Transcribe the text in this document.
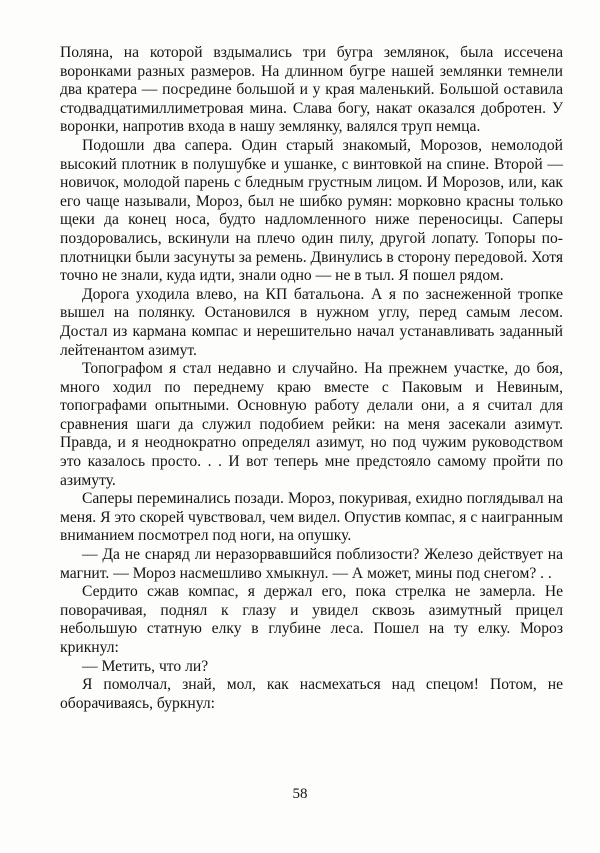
Поляна, на которой вздымались три бугра землянок, была иссечена воронками разных размеров. На длинном бугре нашей землянки темнели два кратера — посредине большой и у края маленький. Большой оставила стодвадцатимиллиметровая мина. Слава богу, накат оказался добротен. У воронки, напротив входа в нашу землянку, валялся труп немца.

Подошли два сапера. Один старый знакомый, Морозов, немолодой высокий плотник в полушубке и ушанке, с винтовкой на спине. Второй — новичок, молодой парень с бледным грустным лицом. И Морозов, или, как его чаще называли, Мороз, был не шибко румян: морковно красны только щеки да конец носа, будто надломленного ниже переносицы. Саперы поздоровались, вскинули на плечо один пилу, другой лопату. Топоры по-плотницки были засунуты за ремень. Двинулись в сторону передовой. Хотя точно не знали, куда идти, знали одно — не в тыл. Я пошел рядом.

Дорога уходила влево, на КП батальона. А я по заснеженной тропке вышел на полянку. Остановился в нужном углу, перед самым лесом. Достал из кармана компас и нерешительно начал устанавливать заданный лейтенантом азимут.

Топографом я стал недавно и случайно. На прежнем участке, до боя, много ходил по переднему краю вместе с Паковым и Невиным, топографами опытными. Основную работу делали они, а я считал для сравнения шаги да служил подобием рейки: на меня засекали азимут. Правда, и я неоднократно определял азимут, но под чужим руководством это казалось просто. . . И вот теперь мне предстояло самому пройти по азимуту.

Саперы переминались позади. Мороз, покуривая, ехидно поглядывал на меня. Я это скорей чувствовал, чем видел. Опустив компас, я с наигранным вниманием посмотрел под ноги, на опушку.

— Да не снаряд ли неразорвавшийся поблизости? Железо действует на магнит. — Мороз насмешливо хмыкнул. — А может, мины под снегом? . .

Сердито сжав компас, я держал его, пока стрелка не замерла. Не поворачивая, поднял к глазу и увидел сквозь азимутный прицел небольшую статную елку в глубине леса. Пошел на ту елку. Мороз крикнул:

— Метить, что ли?

Я помолчал, знай, мол, как насмехаться над спецом! Потом, не оборачиваясь, буркнул:

58
